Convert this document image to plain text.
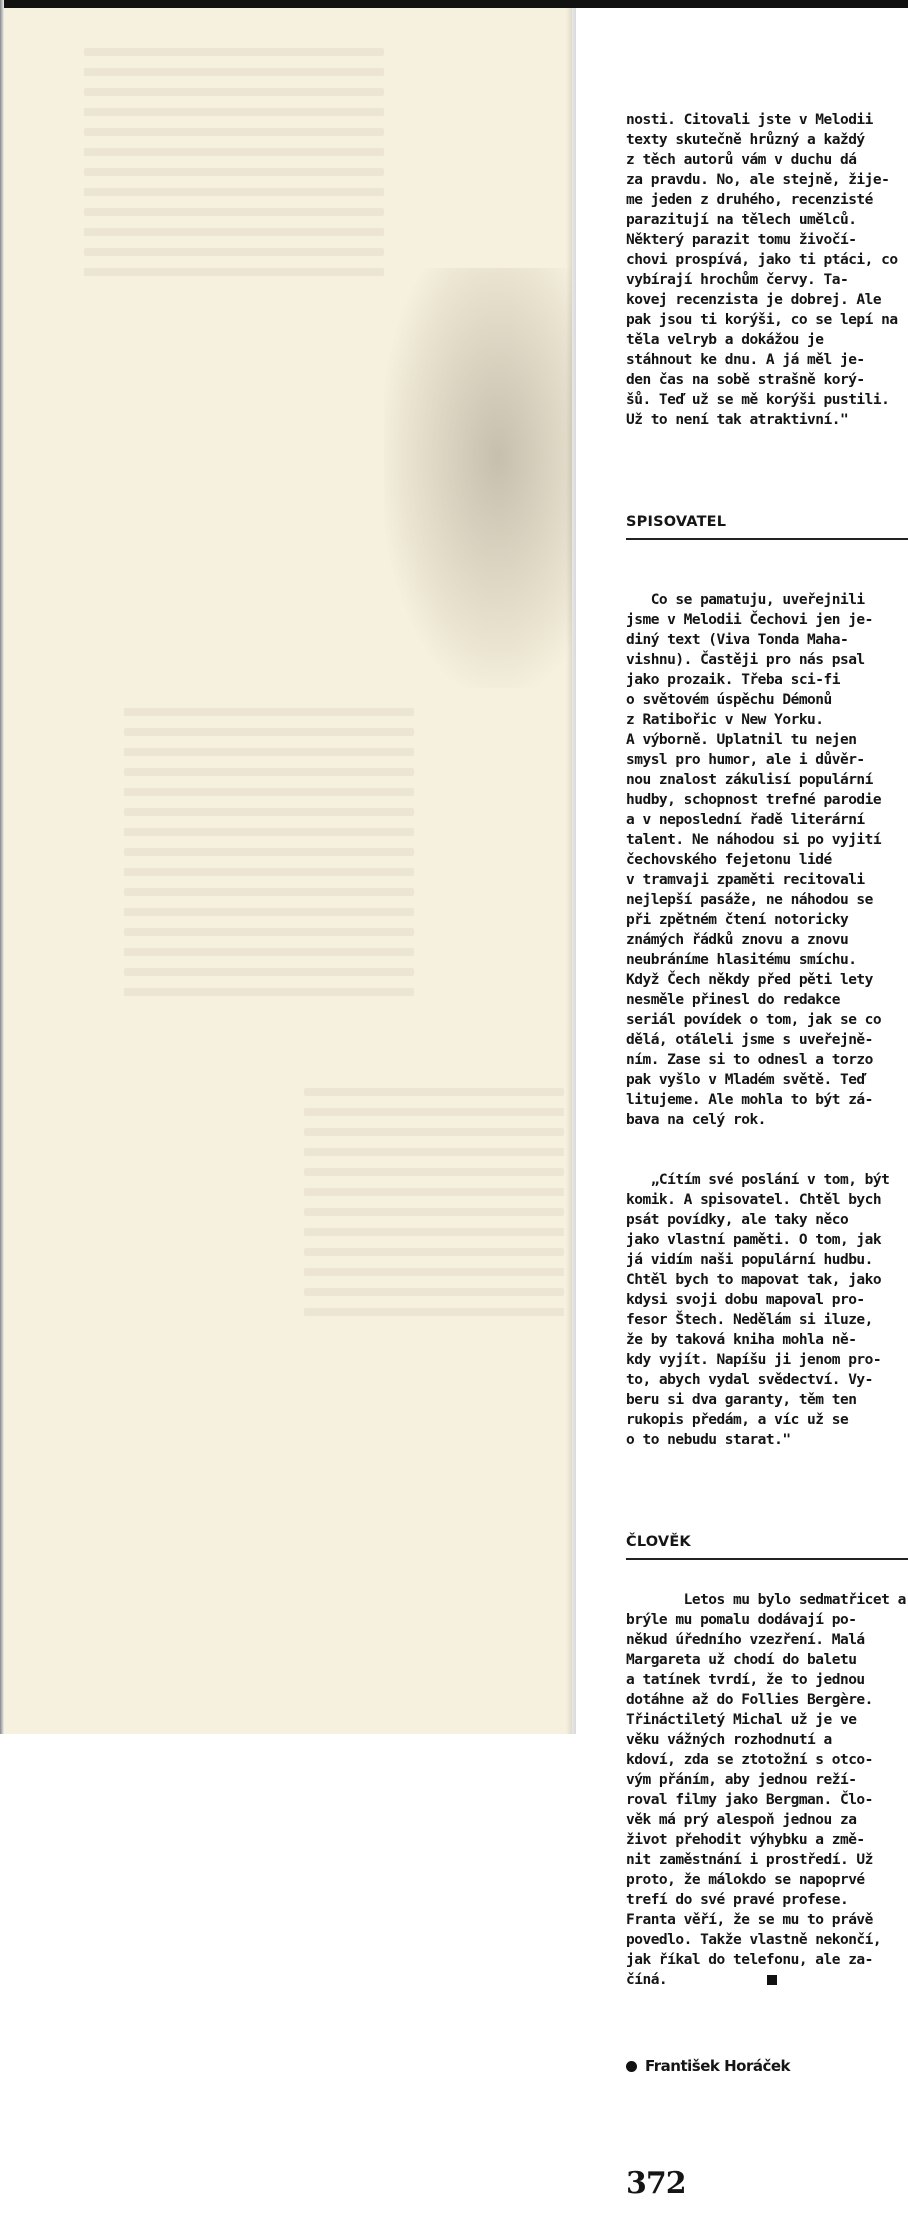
nosti. Citovali jste v Melodii
texty skutečně hrůzný a každý
z těch autorů vám v duchu dá
za pravdu. No, ale stejně, žije-
me jeden z druhého, recenzisté
parazitují na tělech umělců.
Některý parazit tomu živočí-
chovi prospívá, jako ti ptáci, co
vybírají hrochům červy. Ta-
kovej recenzista je dobrej. Ale
pak jsou ti korýši, co se lepí na
těla velryb a dokážou je
stáhnout ke dnu. A já měl je-
den čas na sobě strašně korý-
šů. Teď už se mě korýši pustili.
Už to není tak atraktivní."

SPISOVATEL

Co se pamatuju, uveřejnili
jsme v Melodii Čechovi jen je-
diný text (Viva Tonda Maha-
vishnu). Častěji pro nás psal
jako prozaik. Třeba sci-fi
o světovém úspěchu Démonů
z Ratibořic v New Yorku.
A výborně. Uplatnil tu nejen
smysl pro humor, ale i důvěr-
nou znalost zákulisí populární
hudby, schopnost trefné parodie
a v neposlední řadě literární
talent. Ne náhodou si po vyjití
čechovského fejetonu lidé
v tramvaji zpaměti recitovali
nejlepší pasáže, ne náhodou se
při zpětném čtení notoricky
známých řádků znovu a znovu
neubráníme hlasitému smíchu.
Když Čech někdy před pěti lety
nesměle přinesl do redakce
seriál povídek o tom, jak se co
dělá, otáleli jsme s uveřejně-
ním. Zase si to odnesl a torzo
pak vyšlo v Mladém světě. Teď
litujeme. Ale mohla to být zá-
bava na celý rok.

„Cítím své poslání v tom, být
komik. A spisovatel. Chtěl bych
psát povídky, ale taky něco
jako vlastní paměti. O tom, jak
já vidím naši populární hudbu.
Chtěl bych to mapovat tak, jako
kdysi svoji dobu mapoval pro-
fesor Štech. Nedělám si iluze,
že by taková kniha mohla ně-
kdy vyjít. Napíšu ji jenom pro-
to, abych vydal svědectví. Vy-
beru si dva garanty, těm ten
rukopis předám, a víc už se
o to nebudu starat."

ČLOVĚK

Letos mu bylo sedmatřicet a
brýle mu pomalu dodávají po-
někud úředního vzezření. Malá
Margareta už chodí do baletu
a tatínek tvrdí, že to jednou
dotáhne až do Follies Bergère.
Třináctiletý Michal už je ve
věku vážných rozhodnutí a
kdoví, zda se ztotožní s otco-
vým přáním, aby jednou reží-
roval filmy jako Bergman. Člo-
věk má prý alespoň jednou za
život přehodit výhybku a změ-
nit zaměstnání i prostředí. Už
proto, že málokdo se napoprvé
trefí do své pravé profese.
Franta věří, že se mu to právě
povedlo. Takže vlastně nekončí,
jak říkal do telefonu, ale za-
číná.

František Horáček

372
